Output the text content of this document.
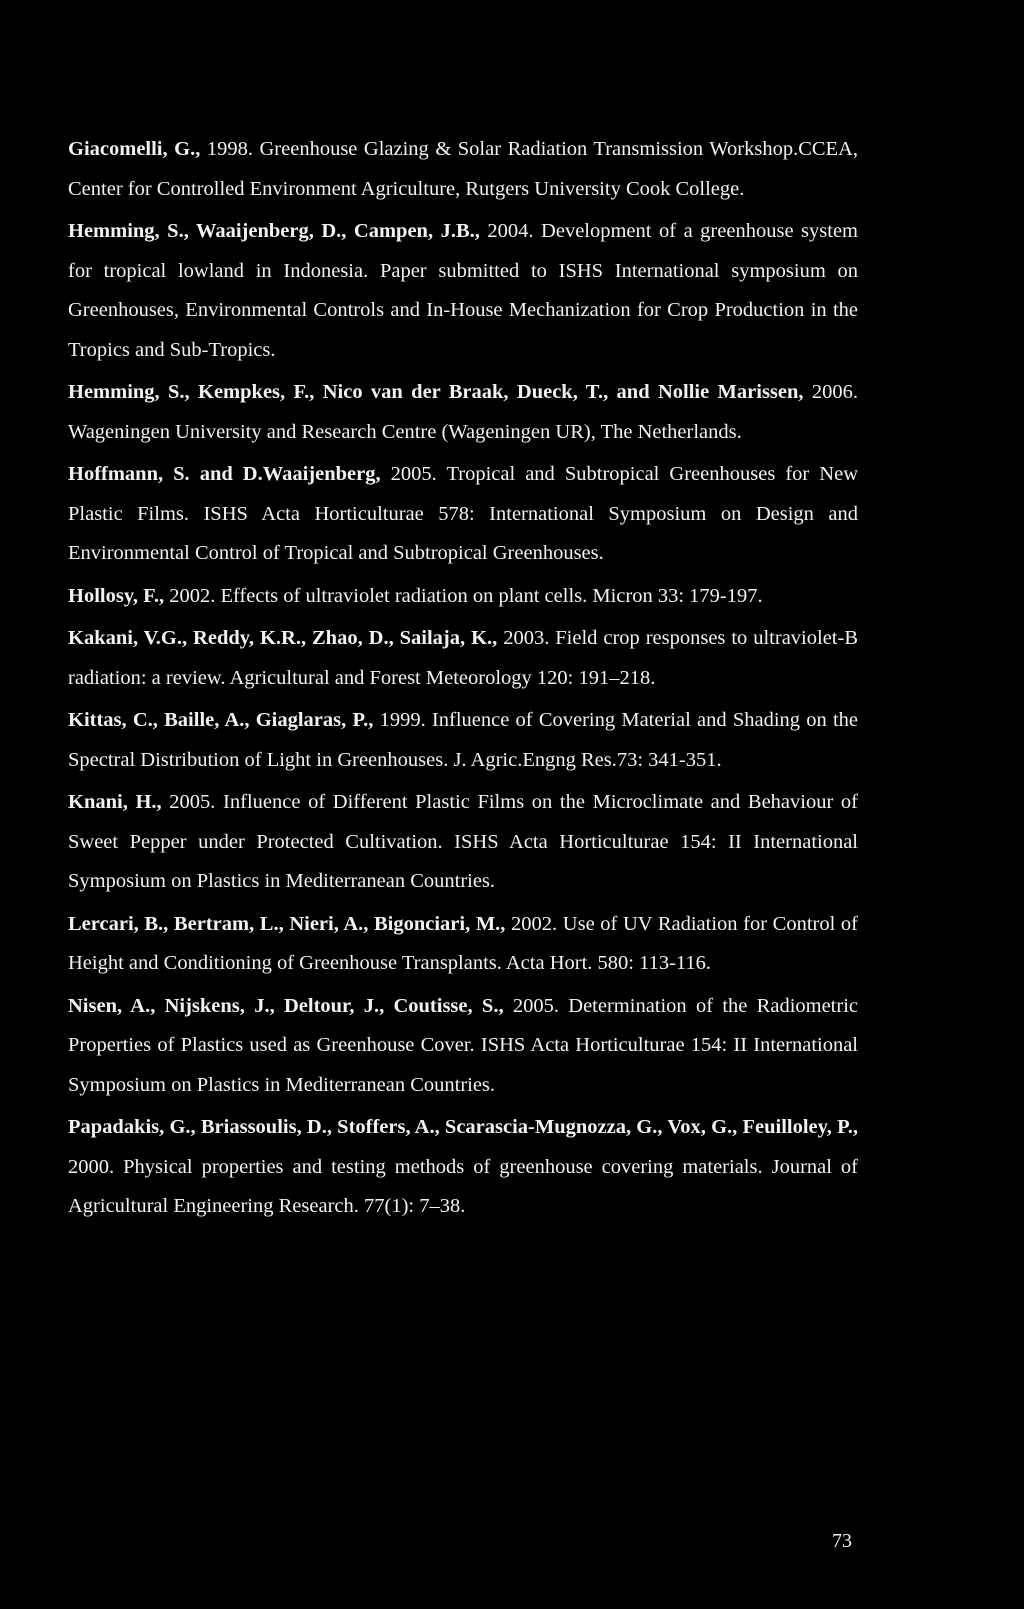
Giacomelli, G., 1998. Greenhouse Glazing & Solar Radiation Transmission Workshop.CCEA, Center for Controlled Environment Agriculture, Rutgers University Cook College.

Hemming, S., Waaijenberg, D., Campen, J.B., 2004. Development of a greenhouse system for tropical lowland in Indonesia. Paper submitted to ISHS International symposium on Greenhouses, Environmental Controls and In-House Mechanization for Crop Production in the Tropics and Sub-Tropics.

Hemming, S., Kempkes, F., Nico van der Braak, Dueck, T., and Nollie Marissen, 2006. Wageningen University and Research Centre (Wageningen UR), The Netherlands.

Hoffmann, S. and D.Waaijenberg, 2005. Tropical and Subtropical Greenhouses for New Plastic Films. ISHS Acta Horticulturae 578: International Symposium on Design and Environmental Control of Tropical and Subtropical Greenhouses.

Hollosy, F., 2002. Effects of ultraviolet radiation on plant cells. Micron 33: 179-197.

Kakani, V.G., Reddy, K.R., Zhao, D., Sailaja, K., 2003. Field crop responses to ultraviolet-B radiation: a review. Agricultural and Forest Meteorology 120: 191–218.

Kittas, C., Baille, A., Giaglaras, P., 1999. Influence of Covering Material and Shading on the Spectral Distribution of Light in Greenhouses. J. Agric.Engng Res.73: 341-351.

Knani, H., 2005. Influence of Different Plastic Films on the Microclimate and Behaviour of Sweet Pepper under Protected Cultivation. ISHS Acta Horticulturae 154: II International Symposium on Plastics in Mediterranean Countries.

Lercari, B., Bertram, L., Nieri, A., Bigonciari, M., 2002. Use of UV Radiation for Control of Height and Conditioning of Greenhouse Transplants. Acta Hort. 580: 113-116.

Nisen, A., Nijskens, J., Deltour, J., Coutisse, S., 2005. Determination of the Radiometric Properties of Plastics used as Greenhouse Cover. ISHS Acta Horticulturae 154: II International Symposium on Plastics in Mediterranean Countries.

Papadakis, G., Briassoulis, D., Stoffers, A., Scarascia-Mugnozza, G., Vox, G., Feuilloley, P., 2000. Physical properties and testing methods of greenhouse covering materials. Journal of Agricultural Engineering Research. 77(1): 7–38.

73
